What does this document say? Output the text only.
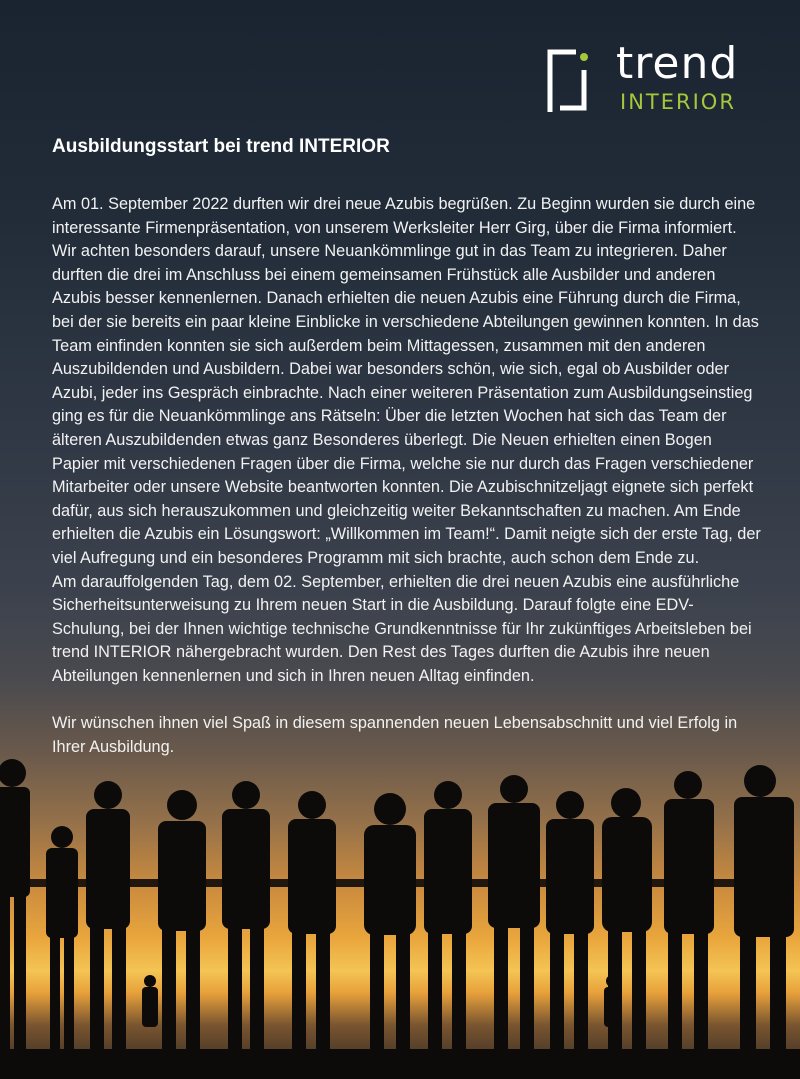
trend
INTERIOR
Ausbildungsstart bei trend INTERIOR

Am 01. September 2022 durften wir drei neue Azubis begrüßen. Zu Beginn wurden sie durch eine interessante Firmenpräsentation, von unserem Werksleiter Herr Girg, über die Firma informiert. Wir achten besonders darauf, unsere Neuankömmlinge gut in das Team zu integrieren. Daher durften die drei im Anschluss bei einem gemeinsamen Frühstück alle Ausbilder und anderen Azubis besser kennenlernen. Danach erhielten die neuen Azubis eine Führung durch die Firma, bei der sie bereits ein paar kleine Einblicke in verschiedene Abteilungen gewinnen konnten. In das Team einfinden konnten sie sich außerdem beim Mittagessen, zusammen mit den anderen Auszubildenden und Ausbildern. Dabei war besonders schön, wie sich, egal ob Ausbilder oder Azubi, jeder ins Gespräch einbrachte. Nach einer weiteren Präsentation zum Ausbildungseinstieg ging es für die Neuankömmlinge ans Rätseln: Über die letzten Wochen hat sich das Team der älteren Auszubildenden etwas ganz Besonderes überlegt. Die Neuen erhielten einen Bogen Papier mit verschiedenen Fragen über die Firma, welche sie nur durch das Fragen verschiedener Mitarbeiter oder unsere Website beantworten konnten. Die Azubischnitzeljagt eignete sich perfekt dafür, aus sich herauszukommen und gleichzeitig weiter Bekanntschaften zu machen. Am Ende erhielten die Azubis ein Lösungswort: „Willkommen im Team!“. Damit neigte sich der erste Tag, der viel Aufregung und ein besonderes Programm mit sich brachte, auch schon dem Ende zu.

Am darauffolgenden Tag, dem 02. September, erhielten die drei neuen Azubis eine ausführliche Sicherheitsunterweisung zu Ihrem neuen Start in die Ausbildung. Darauf folgte eine EDV- Schulung, bei der Ihnen wichtige technische Grundkenntnisse für Ihr zukünftiges Arbeitsleben bei trend INTERIOR nähergebracht wurden. Den Rest des Tages durften die Azubis ihre neuen Abteilungen kennenlernen und sich in Ihren neuen Alltag einfinden.

Wir wünschen ihnen viel Spaß in diesem spannenden neuen Lebensabschnitt und viel Erfolg in Ihrer Ausbildung.
